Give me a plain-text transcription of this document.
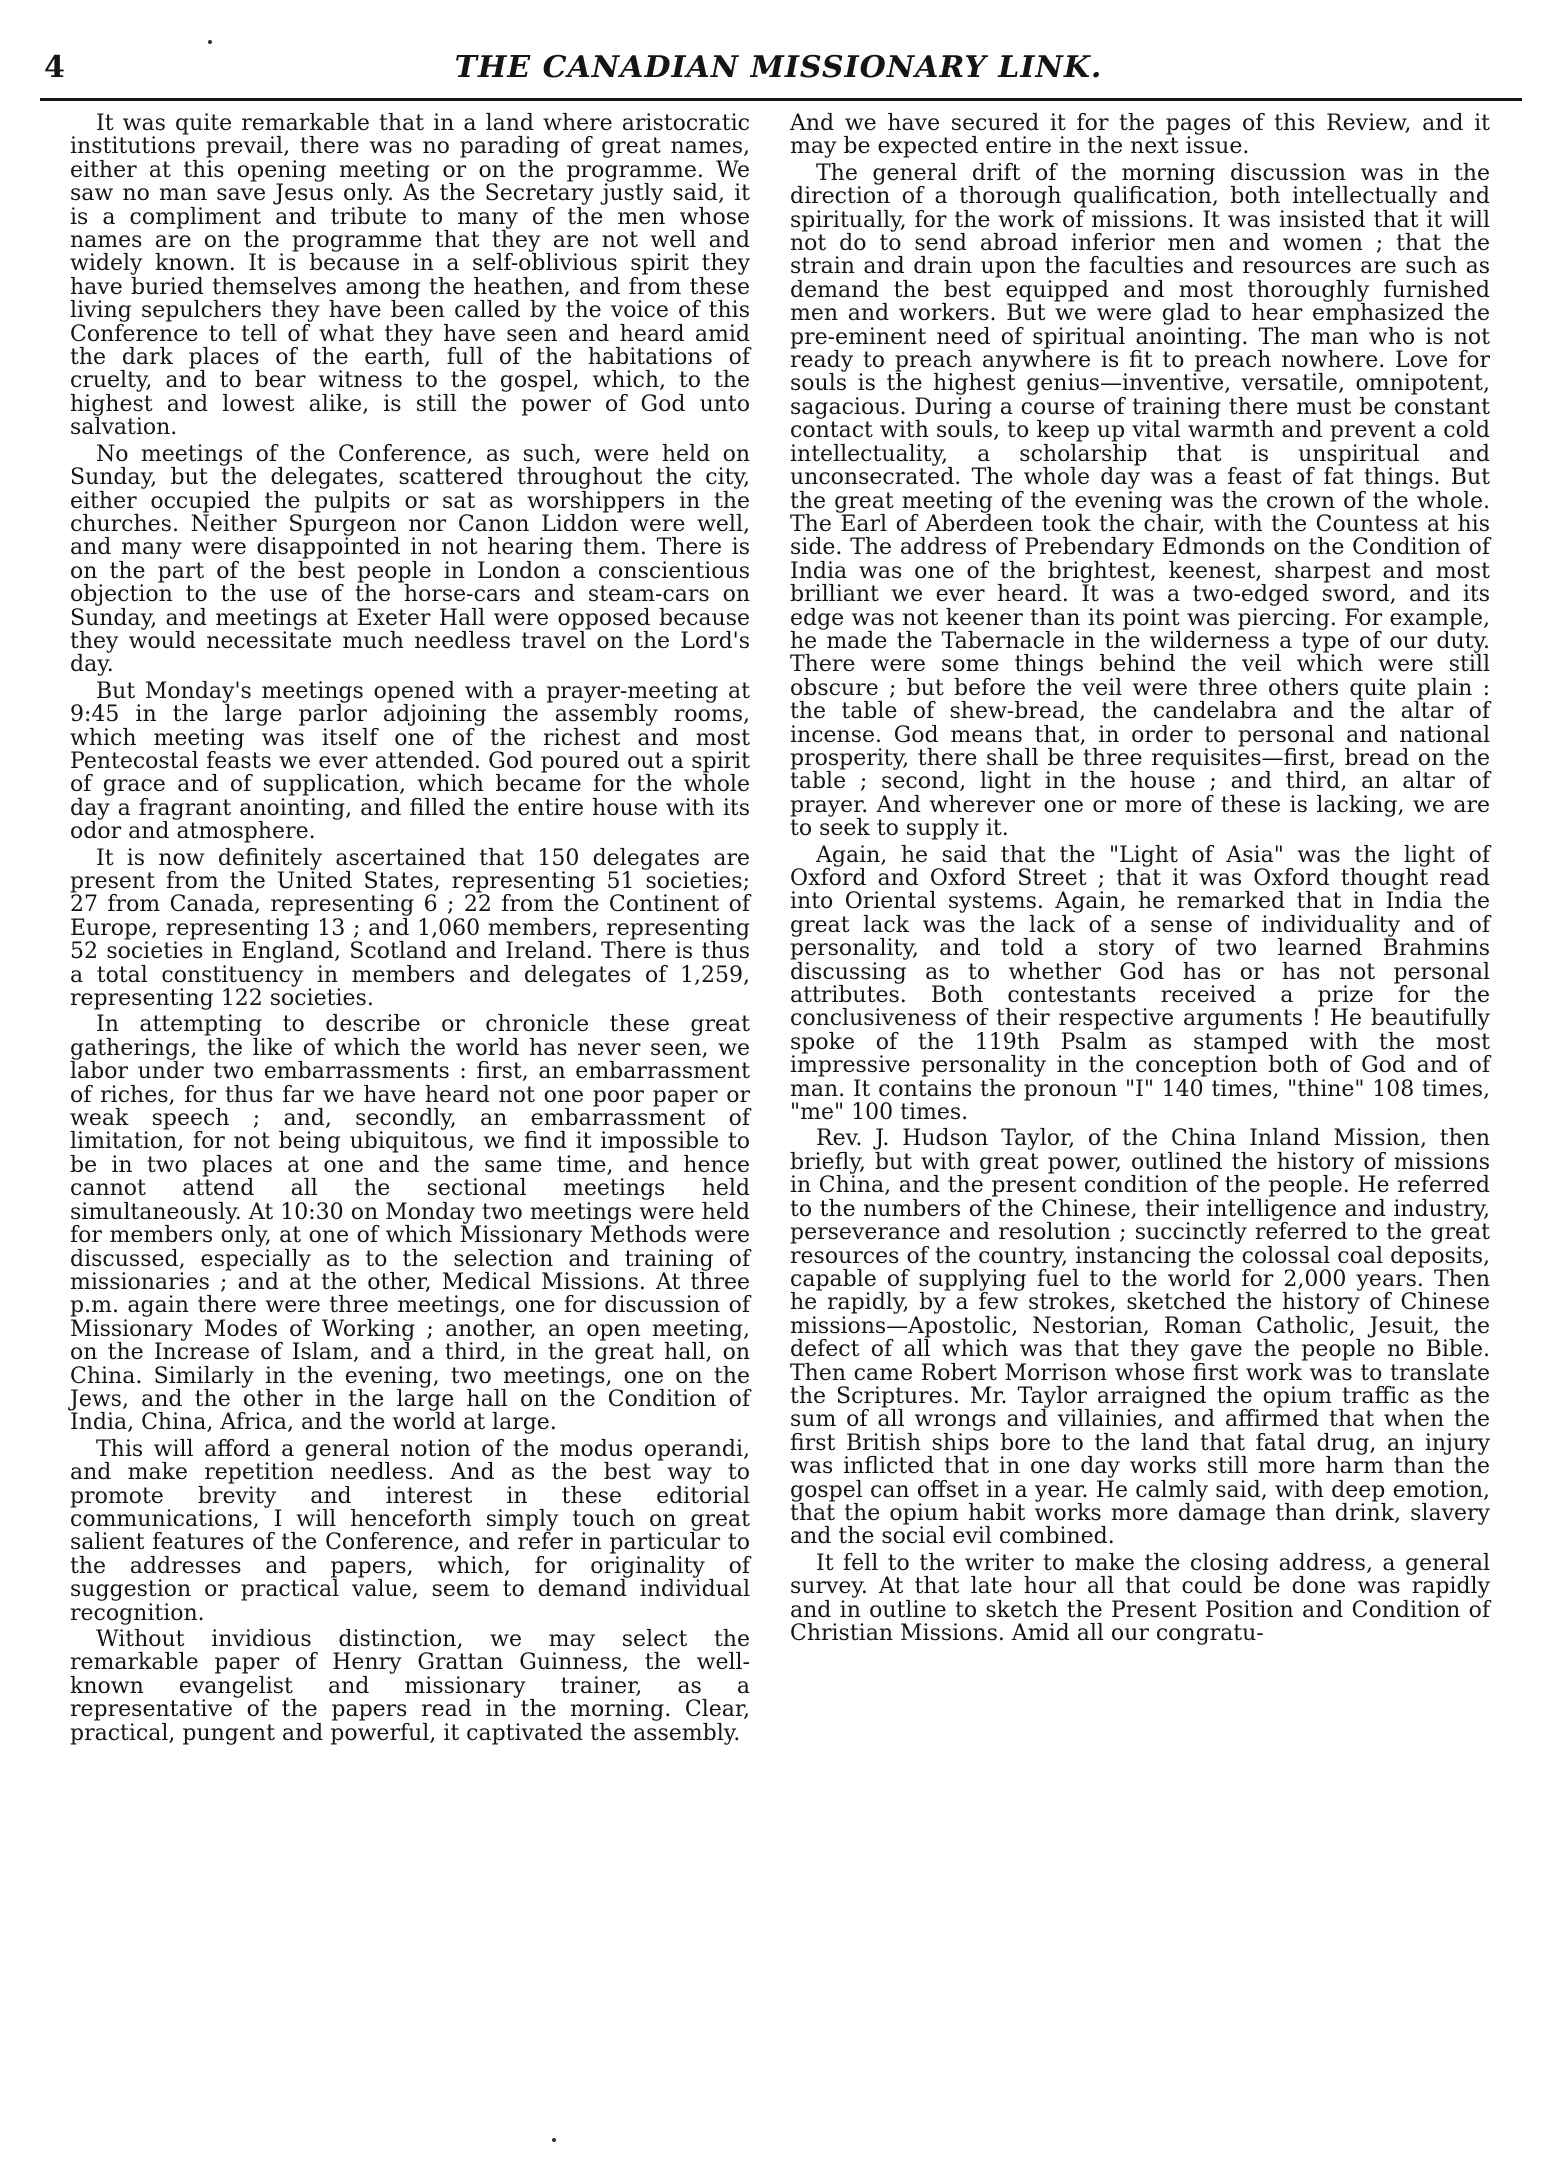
4	THE CANADIAN MISSIONARY LINK.

It was quite remarkable that in a land where aristocratic institutions prevail, there was no parading of great names, either at this opening meeting or on the programme. We saw no man save Jesus only. As the Secretary justly said, it is a compliment and tribute to many of the men whose names are on the programme that they are not well and widely known. It is because in a self-oblivious spirit they have buried themselves among the heathen, and from these living sepulchers they have been called by the voice of this Conference to tell of what they have seen and heard amid the dark places of the earth, full of the habitations of cruelty, and to bear witness to the gospel, which, to the highest and lowest alike, is still the power of God unto salvation.

No meetings of the Conference, as such, were held on Sunday, but the delegates, scattered throughout the city, either occupied the pulpits or sat as worshippers in the churches. Neither Spurgeon nor Canon Liddon were well, and many were disappointed in not hearing them. There is on the part of the best people in London a conscientious objection to the use of the horse-cars and steam-cars on Sunday, and meetings at Exeter Hall were opposed because they would necessitate much needless travel on the Lord's day.

But Monday's meetings opened with a prayer-meeting at 9:45 in the large parlor adjoining the assembly rooms, which meeting was itself one of the richest and most Pentecostal feasts we ever attended. God poured out a spirit of grace and of supplication, which became for the whole day a fragrant anointing, and filled the entire house with its odor and atmosphere.

It is now definitely ascertained that 150 delegates are present from the United States, representing 51 societies; 27 from Canada, representing 6 ; 22 from the Continent of Europe, representing 13 ; and 1,060 members, representing 52 societies in England, Scotland and Ireland. There is thus a total constituency in members and delegates of 1,259, representing 122 societies.

In attempting to describe or chronicle these great gatherings, the like of which the world has never seen, we labor under two embarrassments : first, an embarrassment of riches, for thus far we have heard not one poor paper or weak speech ; and, secondly, an embarrassment of limitation, for not being ubiquitous, we find it impossible to be in two places at one and the same time, and hence cannot attend all the sectional meetings held simultaneously. At 10:30 on Monday two meetings were held for members only, at one of which Missionary Methods were discussed, especially as to the selection and training of missionaries ; and at the other, Medical Missions. At three p.m. again there were three meetings, one for discussion of Missionary Modes of Working ; another, an open meeting, on the Increase of Islam, and a third, in the great hall, on China. Similarly in the evening, two meetings, one on the Jews, and the other in the large hall on the Condition of India, China, Africa, and the world at large.

This will afford a general notion of the modus operandi, and make repetition needless. And as the best way to promote brevity and interest in these editorial communications, I will henceforth simply touch on great salient features of the Conference, and refer in particular to the addresses and papers, which, for originality of suggestion or practical value, seem to demand individual recognition.

Without invidious distinction, we may select the remarkable paper of Henry Grattan Guinness, the well-known evangelist and missionary trainer, as a representative of the papers read in the morning. Clear, practical, pungent and powerful, it captivated the assembly.

And we have secured it for the pages of this Review, and it may be expected entire in the next issue.

The general drift of the morning discussion was in the direction of a thorough qualification, both intellectually and spiritually, for the work of missions. It was insisted that it will not do to send abroad inferior men and women ; that the strain and drain upon the faculties and resources are such as demand the best equipped and most thoroughly furnished men and workers. But we were glad to hear emphasized the pre-eminent need of spiritual anointing. The man who is not ready to preach anywhere is fit to preach nowhere. Love for souls is the highest genius—inventive, versatile, omnipotent, sagacious. During a course of training there must be constant contact with souls, to keep up vital warmth and prevent a cold intellectuality, a scholarship that is unspiritual and unconsecrated. The whole day was a feast of fat things. But the great meeting of the evening was the crown of the whole. The Earl of Aberdeen took the chair, with the Countess at his side. The address of Prebendary Edmonds on the Condition of India was one of the brightest, keenest, sharpest and most brilliant we ever heard. It was a two-edged sword, and its edge was not keener than its point was piercing. For example, he made the Tabernacle in the wilderness a type of our duty. There were some things behind the veil which were still obscure ; but before the veil were three others quite plain : the table of shew-bread, the candelabra and the altar of incense. God means that, in order to personal and national prosperity, there shall be three requisites—first, bread on the table ; second, light in the house ; and third, an altar of prayer. And wherever one or more of these is lacking, we are to seek to supply it.

Again, he said that the "Light of Asia" was the light of Oxford and Oxford Street ; that it was Oxford thought read into Oriental systems. Again, he remarked that in India the great lack was the lack of a sense of individuality and of personality, and told a story of two learned Brahmins discussing as to whether God has or has not personal attributes. Both contestants received a prize for the conclusiveness of their respective arguments ! He beautifully spoke of the 119th Psalm as stamped with the most impressive personality in the conception both of God and of man. It contains the pronoun "I" 140 times, "thine" 108 times, "me" 100 times.

Rev. J. Hudson Taylor, of the China Inland Mission, then briefly, but with great power, outlined the history of missions in China, and the present condition of the people. He referred to the numbers of the Chinese, their intelligence and industry, perseverance and resolution ; succinctly referred to the great resources of the country, instancing the colossal coal deposits, capable of supplying fuel to the world for 2,000 years. Then he rapidly, by a few strokes, sketched the history of Chinese missions—Apostolic, Nestorian, Roman Catholic, Jesuit, the defect of all which was that they gave the people no Bible. Then came Robert Morrison whose first work was to translate the Scriptures. Mr. Taylor arraigned the opium traffic as the sum of all wrongs and villainies, and affirmed that when the first British ships bore to the land that fatal drug, an injury was inflicted that in one day works still more harm than the gospel can offset in a year. He calmly said, with deep emotion, that the opium habit works more damage than drink, slavery and the social evil combined.

It fell to the writer to make the closing address, a general survey. At that late hour all that could be done was rapidly and in outline to sketch the Present Position and Condition of Christian Missions. Amid all our congratu-
